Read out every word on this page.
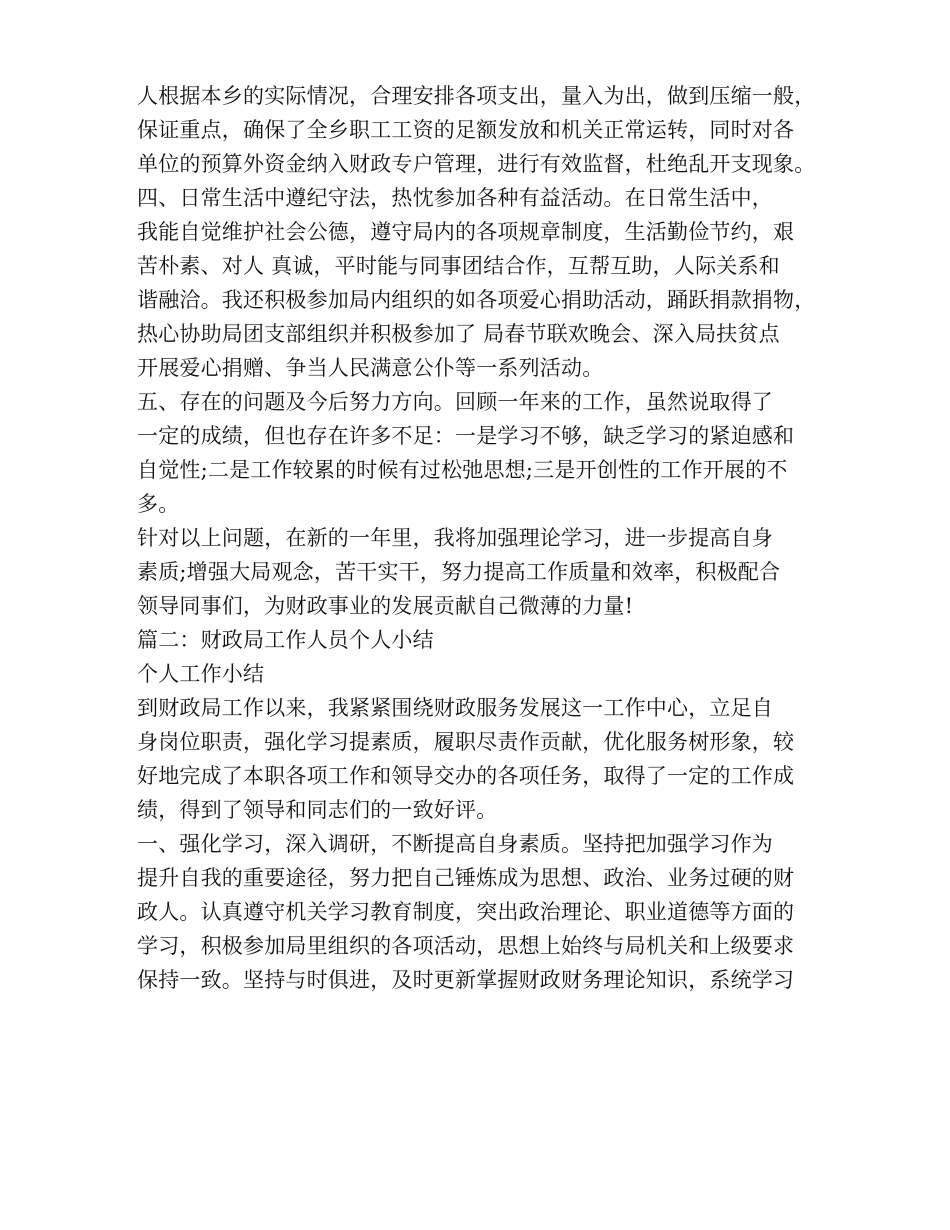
人根据本乡的实际情况，合理安排各项支出，量入为出，做到压缩一般，
保证重点，确保了全乡职工工资的足额发放和机关正常运转，同时对各
单位的预算外资金纳入财政专户管理，进行有效监督，杜绝乱开支现象。
四、日常生活中遵纪守法，热忱参加各种有益活动。在日常生活中，
我能自觉维护社会公德，遵守局内的各项规章制度，生活勤俭节约，艰
苦朴素、对人 真诚，平时能与同事团结合作，互帮互助，人际关系和
谐融洽。我还积极参加局内组织的如各项爱心捐助活动，踊跃捐款捐物，
热心协助局团支部组织并积极参加了 局春节联欢晚会、深入局扶贫点
开展爱心捐赠、争当人民满意公仆等一系列活动。
五、存在的问题及今后努力方向。回顾一年来的工作，虽然说取得了
一定的成绩，但也存在许多不足：一是学习不够，缺乏学习的紧迫感和
自觉性;二是工作较累的时候有过松弛思想;三是开创性的工作开展的不
多。
针对以上问题，在新的一年里，我将加强理论学习，进一步提高自身
素质;增强大局观念，苦干实干，努力提高工作质量和效率，积极配合
领导同事们，为财政事业的发展贡献自己微薄的力量!
篇二：财政局工作人员个人小结
个人工作小结
到财政局工作以来，我紧紧围绕财政服务发展这一工作中心，立足自
身岗位职责，强化学习提素质，履职尽责作贡献，优化服务树形象，较
好地完成了本职各项工作和领导交办的各项任务，取得了一定的工作成
绩，得到了领导和同志们的一致好评。
一、强化学习，深入调研，不断提高自身素质。坚持把加强学习作为
提升自我的重要途径，努力把自己锤炼成为思想、政治、业务过硬的财
政人。认真遵守机关学习教育制度，突出政治理论、职业道德等方面的
学习，积极参加局里组织的各项活动，思想上始终与局机关和上级要求
保持一致。坚持与时俱进，及时更新掌握财政财务理论知识，系统学习
